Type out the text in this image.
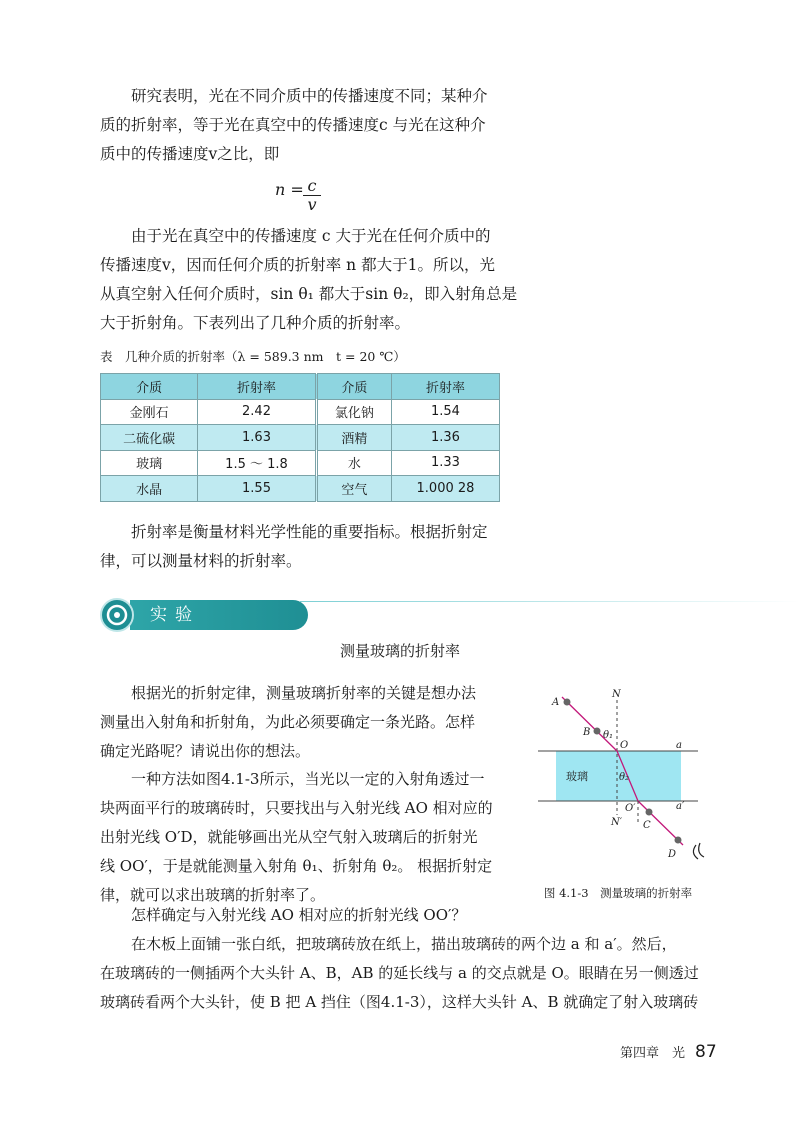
研究表明，光在不同介质中的传播速度不同；某种介
质的折射率，等于光在真空中的传播速度c 与光在这种介
质中的传播速度v之比，即
n = c
v
由于光在真空中的传播速度 c 大于光在任何介质中的
传播速度v，因而任何介质的折射率 n 都大于1。所以，光
从真空射入任何介质时，sin θ₁ 都大于sin θ₂，即入射角总是
大于折射角。下表列出了几种介质的折射率。
表　几种介质的折射率（λ = 589.3 nm　t = 20 ℃）
介质	折射率	介质	折射率
金刚石	2.42	氯化钠	1.54
二硫化碳	1.63	酒精	1.36
玻璃	1.5 ～ 1.8	水	1.33
水晶	1.55	空气	1.000 28
折射率是衡量材料光学性能的重要指标。根据折射定
律，可以测量材料的折射率。
实验
测量玻璃的折射率
根据光的折射定律，测量玻璃折射率的关键是想办法
测量出入射角和折射角，为此必须要确定一条光路。怎样
确定光路呢？请说出你的想法。
一种方法如图4.1-3所示，当光以一定的入射角透过一
块两面平行的玻璃砖时，只要找出与入射光线 AO 相对应的
出射光线 O′D，就能够画出光从空气射入玻璃后的折射光
线 OO′，于是就能测量入射角 θ₁、折射角 θ₂。 根据折射定
律，就可以求出玻璃的折射率了。
怎样确定与入射光线 AO 相对应的折射光线 OO′？
在木板上面铺一张白纸，把玻璃砖放在纸上，描出玻璃砖的两个边 a 和 a′。然后，
在玻璃砖的一侧插两个大头针 A、B，AB 的延长线与 a 的交点就是 O。眼睛在另一侧透过
玻璃砖看两个大头针，使 B 把 A 挡住（图4.1-3），这样大头针 A、B 就确定了射入玻璃砖
A
B
C
D
N
N′
O
O′
a
a′
θ₁
θ₂
玻璃
图 4.1-3　测量玻璃的折射率
第四章　光 87
